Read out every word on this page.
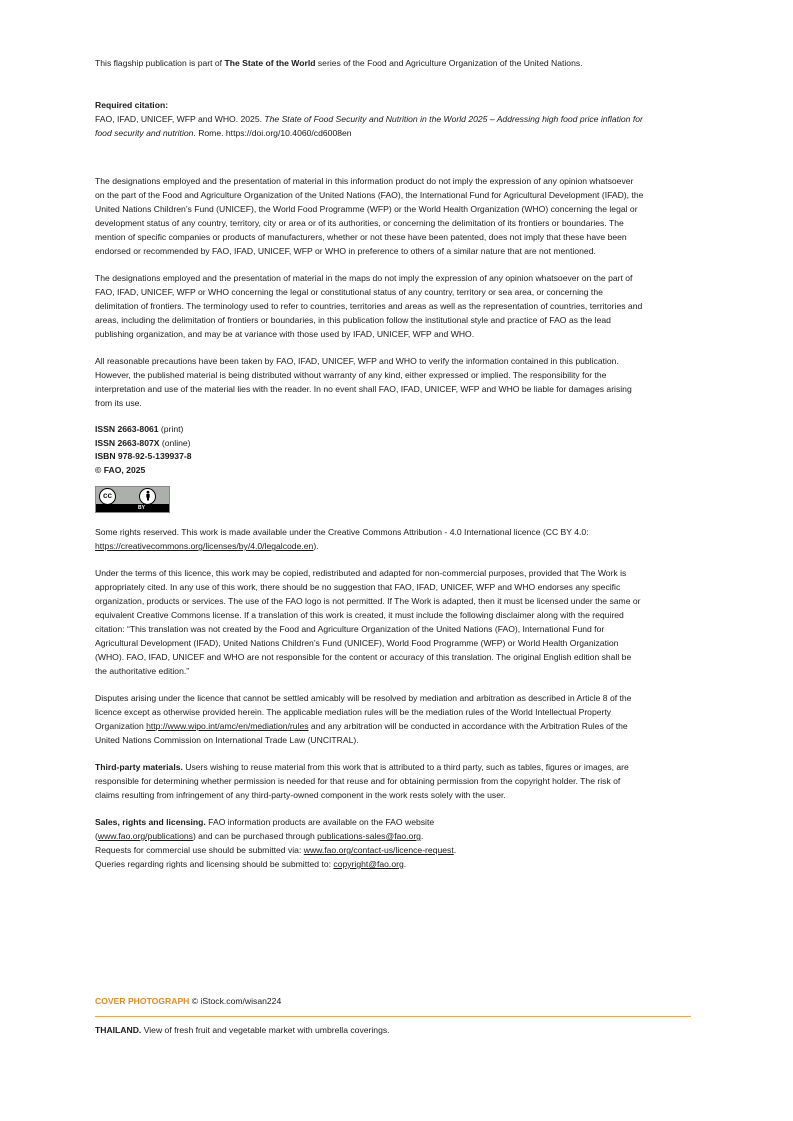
This flagship publication is part of The State of the World series of the Food and Agriculture Organization of the United Nations.

Required citation:

FAO, IFAD, UNICEF, WFP and WHO. 2025. The State of Food Security and Nutrition in the World 2025 – Addressing high food price inflation for food security and nutrition. Rome. https://doi.org/10.4060/cd6008en

The designations employed and the presentation of material in this information product do not imply the expression of any opinion whatsoever on the part of the Food and Agriculture Organization of the United Nations (FAO), the International Fund for Agricultural Development (IFAD), the United Nations Children’s Fund (UNICEF), the World Food Programme (WFP) or the World Health Organization (WHO) concerning the legal or development status of any country, territory, city or area or of its authorities, or concerning the delimitation of its frontiers or boundaries. The mention of specific companies or products of manufacturers, whether or not these have been patented, does not imply that these have been endorsed or recommended by FAO, IFAD, UNICEF, WFP or WHO in preference to others of a similar nature that are not mentioned.

The designations employed and the presentation of material in the maps do not imply the expression of any opinion whatsoever on the part of FAO, IFAD, UNICEF, WFP or WHO concerning the legal or constitutional status of any country, territory or sea area, or concerning the delimitation of frontiers. The terminology used to refer to countries, territories and areas as well as the representation of countries, territories and areas, including the delimitation of frontiers or boundaries, in this publication follow the institutional style and practice of FAO as the lead publishing organization, and may be at variance with those used by IFAD, UNICEF, WFP and WHO.

All reasonable precautions have been taken by FAO, IFAD, UNICEF, WFP and WHO to verify the information contained in this publication. However, the published material is being distributed without warranty of any kind, either expressed or implied. The responsibility for the interpretation and use of the material lies with the reader. In no event shall FAO, IFAD, UNICEF, WFP and WHO be liable for damages arising from its use.

ISSN 2663-8061 (print)
ISSN 2663-807X (online)
ISBN 978-92-5-139937-8
© FAO, 2025

cc
BY

Some rights reserved. This work is made available under the Creative Commons Attribution - 4.0 International licence (CC BY 4.0: https://creativecommons.org/licenses/by/4.0/legalcode.en).

Under the terms of this licence, this work may be copied, redistributed and adapted for non-commercial purposes, provided that The Work is appropriately cited. In any use of this work, there should be no suggestion that FAO, IFAD, UNICEF, WFP and WHO endorses any specific organization, products or services. The use of the FAO logo is not permitted. If The Work is adapted, then it must be licensed under the same or equivalent Creative Commons license. If a translation of this work is created, it must include the following disclaimer along with the required citation: “This translation was not created by the Food and Agriculture Organization of the United Nations (FAO), International Fund for Agricultural Development (IFAD), United Nations Children’s Fund (UNICEF), World Food Programme (WFP) or World Health Organization (WHO). FAO, IFAD, UNICEF and WHO are not responsible for the content or accuracy of this translation. The original English edition shall be the authoritative edition.”

Disputes arising under the licence that cannot be settled amicably will be resolved by mediation and arbitration as described in Article 8 of the licence except as otherwise provided herein. The applicable mediation rules will be the mediation rules of the World Intellectual Property Organization http://www.wipo.int/amc/en/mediation/rules and any arbitration will be conducted in accordance with the Arbitration Rules of the United Nations Commission on International Trade Law (UNCITRAL).

Third-party materials. Users wishing to reuse material from this work that is attributed to a third party, such as tables, figures or images, are responsible for determining whether permission is needed for that reuse and for obtaining permission from the copyright holder. The risk of claims resulting from infringement of any third-party-owned component in the work rests solely with the user.

Sales, rights and licensing. FAO information products are available on the FAO website
(www.fao.org/publications) and can be purchased through publications-sales@fao.org.
Requests for commercial use should be submitted via: www.fao.org/contact-us/licence-request.
Queries regarding rights and licensing should be submitted to: copyright@fao.org.

COVER PHOTOGRAPH © iStock.com/wisan224
THAILAND. View of fresh fruit and vegetable market with umbrella coverings.
